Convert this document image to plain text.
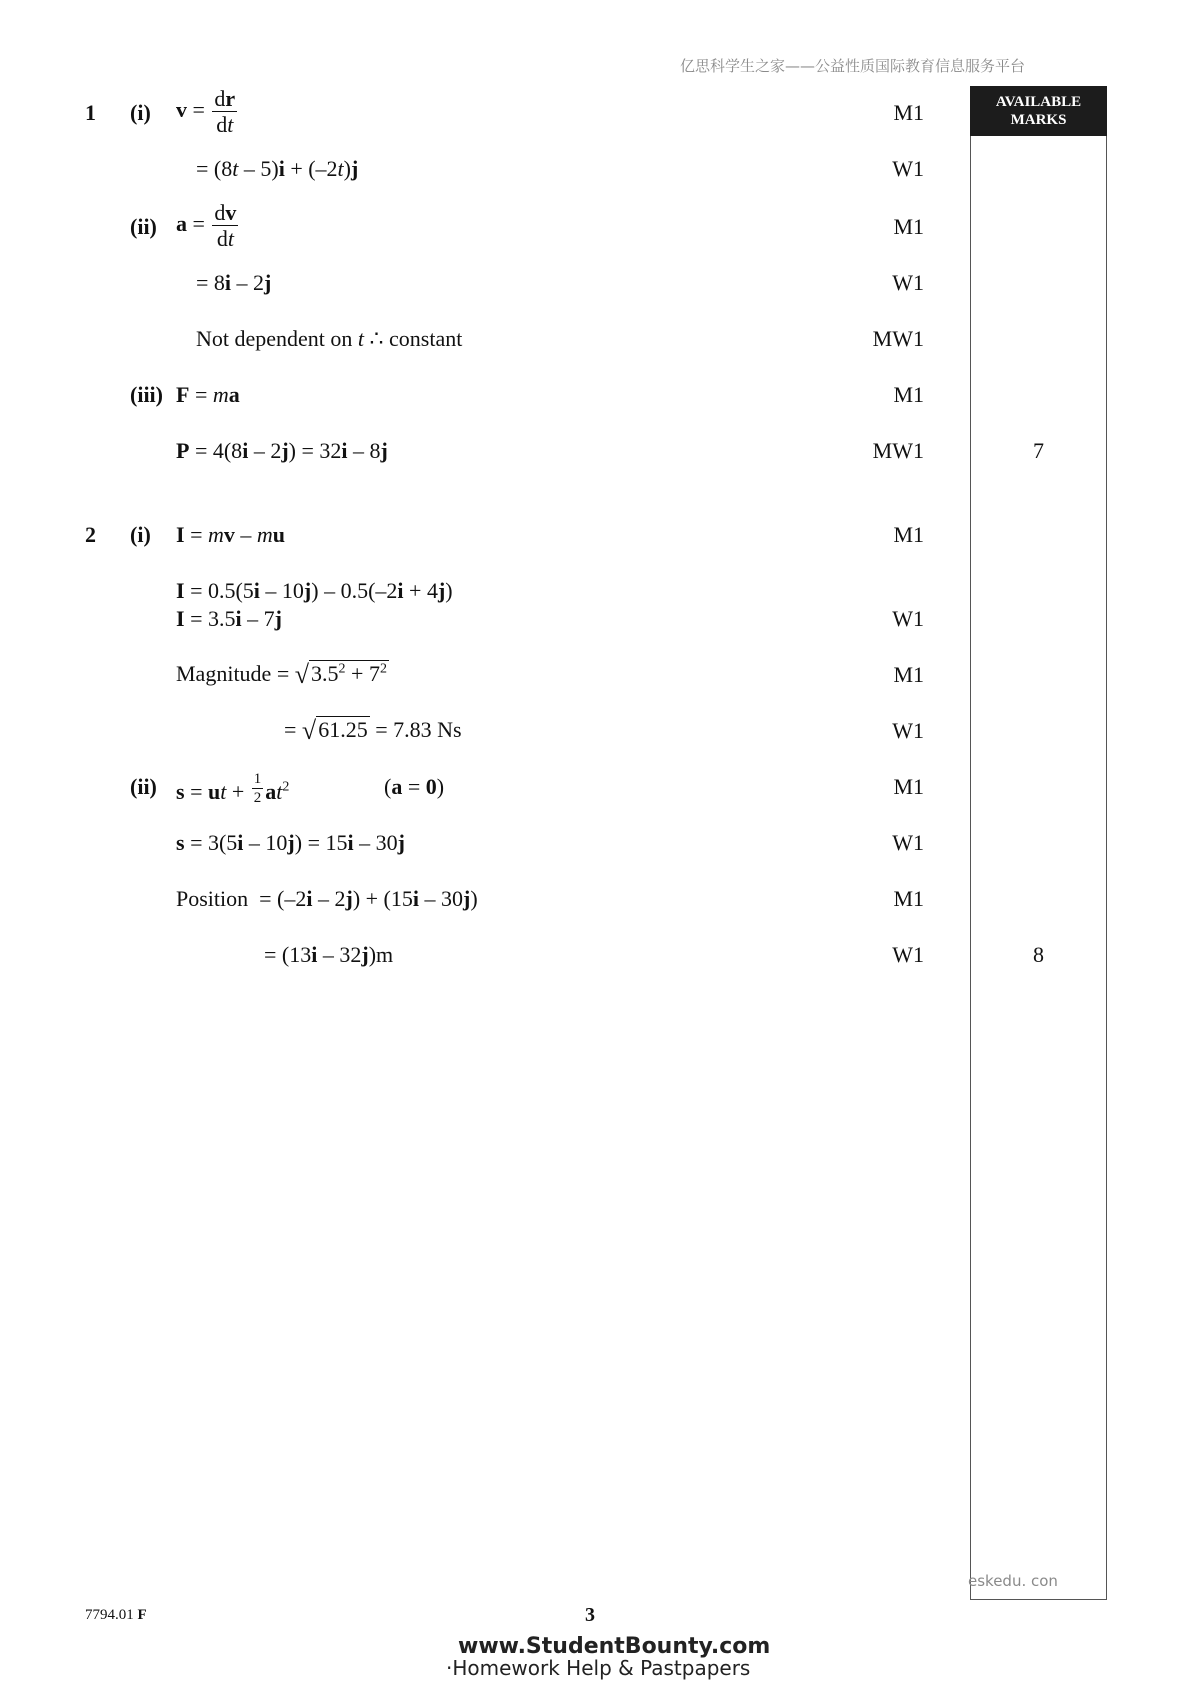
亿思科学生之家——公益性质国际教育信息服务平台
AVAILABLE
MARKS
1 (i) $v = \frac{dr}{dt}$	M1
= (8t – 5)i + (–2t)j	W1
(ii) $a = \frac{dv}{dt}$	M1
= 8i – 2j	W1
Not dependent on t ∴ constant	MW1
(iii) F = ma	M1
P = 4(8i – 2j) = 32i – 8j	MW1	7
2 (i) I = mv – mu	M1
I = 0.5(5i – 10j) – 0.5(–2i + 4j)
I = 3.5i – 7j	W1
Magnitude = $√3.5^2 + 7^2$	M1
= √61.25 = 7.83 Ns	W1
(ii) s = ut + $\frac{1}{2} at^2$	(a = 0)	M1
s = 3(5i – 10j) = 15i – 30j	W1
Position  = (–2i – 2j) + (15i – 30j)	M1
= (13i – 32j)m	W1	8
eskedu. con
7794.01 F	3
www.StudentBounty.com
·Homework Help & Pastpapers
